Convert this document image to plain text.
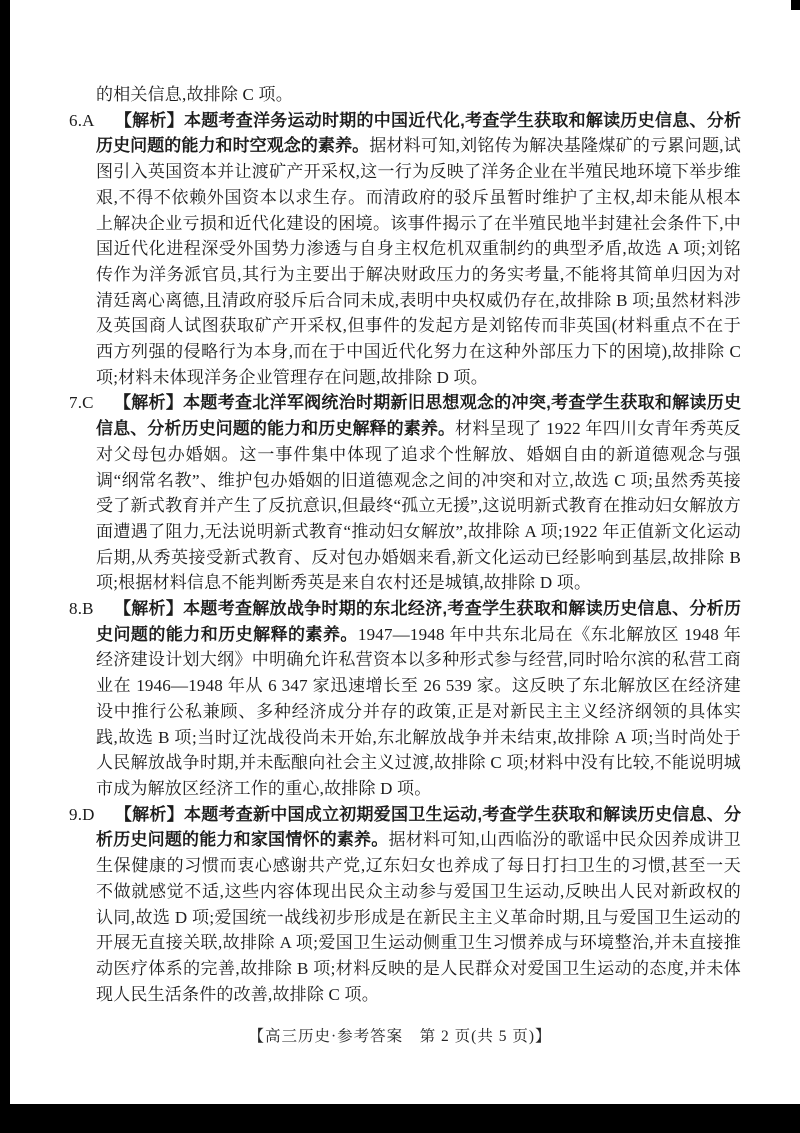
的相关信息,故排除 C 项。

6.A 【解析】本题考查洋务运动时期的中国近代化,考查学生获取和解读历史信息、分析历史问题的能力和时空观念的素养。据材料可知,刘铭传为解决基隆煤矿的亏累问题,试图引入英国资本并让渡矿产开采权,这一行为反映了洋务企业在半殖民地环境下举步维艰,不得不依赖外国资本以求生存。而清政府的驳斥虽暂时维护了主权,却未能从根本上解决企业亏损和近代化建设的困境。该事件揭示了在半殖民地半封建社会条件下,中国近代化进程深受外国势力渗透与自身主权危机双重制约的典型矛盾,故选 A 项;刘铭传作为洋务派官员,其行为主要出于解决财政压力的务实考量,不能将其简单归因为对清廷离心离德,且清政府驳斥后合同未成,表明中央权威仍存在,故排除 B 项;虽然材料涉及英国商人试图获取矿产开采权,但事件的发起方是刘铭传而非英国(材料重点不在于西方列强的侵略行为本身,而在于中国近代化努力在这种外部压力下的困境),故排除 C 项;材料未体现洋务企业管理存在问题,故排除 D 项。

7.C 【解析】本题考查北洋军阀统治时期新旧思想观念的冲突,考查学生获取和解读历史信息、分析历史问题的能力和历史解释的素养。材料呈现了 1922 年四川女青年秀英反对父母包办婚姻。这一事件集中体现了追求个性解放、婚姻自由的新道德观念与强调“纲常名教”、维护包办婚姻的旧道德观念之间的冲突和对立,故选 C 项;虽然秀英接受了新式教育并产生了反抗意识,但最终“孤立无援”,这说明新式教育在推动妇女解放方面遭遇了阻力,无法说明新式教育“推动妇女解放”,故排除 A 项;1922 年正值新文化运动后期,从秀英接受新式教育、反对包办婚姻来看,新文化运动已经影响到基层,故排除 B 项;根据材料信息不能判断秀英是来自农村还是城镇,故排除 D 项。

8.B 【解析】本题考查解放战争时期的东北经济,考查学生获取和解读历史信息、分析历史问题的能力和历史解释的素养。1947—1948 年中共东北局在《东北解放区 1948 年经济建设计划大纲》中明确允许私营资本以多种形式参与经营,同时哈尔滨的私营工商业在 1946—1948 年从 6 347 家迅速增长至 26 539 家。这反映了东北解放区在经济建设中推行公私兼顾、多种经济成分并存的政策,正是对新民主主义经济纲领的具体实践,故选 B 项;当时辽沈战役尚未开始,东北解放战争并未结束,故排除 A 项;当时尚处于人民解放战争时期,并未酝酿向社会主义过渡,故排除 C 项;材料中没有比较,不能说明城市成为解放区经济工作的重心,故排除 D 项。

9.D 【解析】本题考查新中国成立初期爱国卫生运动,考查学生获取和解读历史信息、分析历史问题的能力和家国情怀的素养。据材料可知,山西临汾的歌谣中民众因养成讲卫生保健康的习惯而衷心感谢共产党,辽东妇女也养成了每日打扫卫生的习惯,甚至一天不做就感觉不适,这些内容体现出民众主动参与爱国卫生运动,反映出人民对新政权的认同,故选 D 项;爱国统一战线初步形成是在新民主主义革命时期,且与爱国卫生运动的开展无直接关联,故排除 A 项;爱国卫生运动侧重卫生习惯养成与环境整治,并未直接推动医疗体系的完善,故排除 B 项;材料反映的是人民群众对爱国卫生运动的态度,并未体现人民生活条件的改善,故排除 C 项。

【高三历史·参考答案　第 2 页(共 5 页)】
